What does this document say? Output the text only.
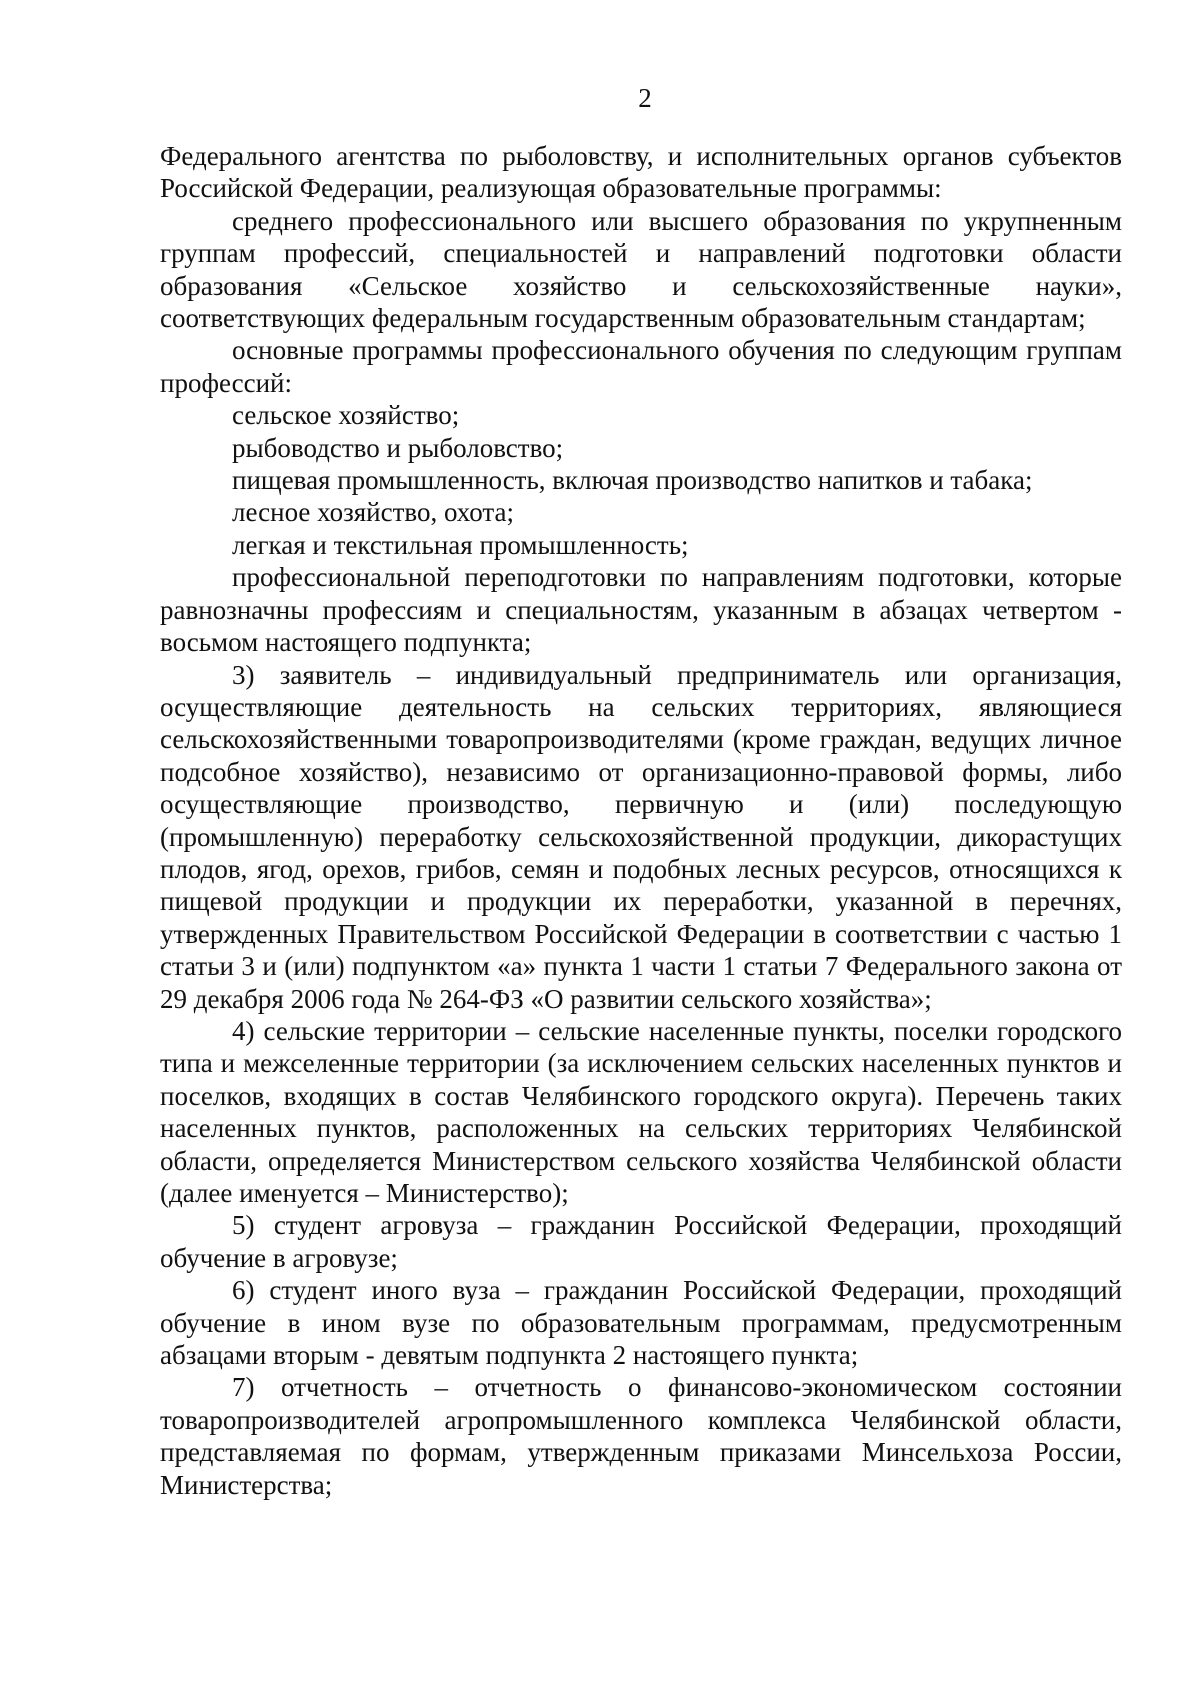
2

Федерального агентства по рыболовству, и исполнительных органов субъектов Российской Федерации, реализующая образовательные программы:

среднего профессионального или высшего образования по укрупненным группам профессий, специальностей и направлений подготовки области образования «Сельское хозяйство и сельскохозяйственные науки», соответствующих федеральным государственным образовательным стандартам;

основные программы профессионального обучения по следующим группам профессий:

сельское хозяйство;

рыбоводство и рыболовство;

пищевая промышленность, включая производство напитков и табака;

лесное хозяйство, охота;

легкая и текстильная промышленность;

профессиональной переподготовки по направлениям подготовки, которые равнозначны профессиям и специальностям, указанным в абзацах четвертом - восьмом настоящего подпункта;

3) заявитель – индивидуальный предприниматель или организация, осуществляющие деятельность на сельских территориях, являющиеся сельскохозяйственными товаропроизводителями (кроме граждан, ведущих личное подсобное хозяйство), независимо от организационно-правовой формы, либо осуществляющие производство, первичную и (или) последующую (промышленную) переработку сельскохозяйственной продукции, дикорастущих плодов, ягод, орехов, грибов, семян и подобных лесных ресурсов, относящихся к пищевой продукции и продукции их переработки, указанной в перечнях, утвержденных Правительством Российской Федерации в соответствии с частью 1 статьи 3 и (или) подпунктом «а» пункта 1 части 1 статьи 7 Федерального закона от 29 декабря 2006 года № 264-ФЗ «О развитии сельского хозяйства»;

4) сельские территории – сельские населенные пункты, поселки городского типа и межселенные территории (за исключением сельских населенных пунктов и поселков, входящих в состав Челябинского городского округа). Перечень таких населенных пунктов, расположенных на сельских территориях Челябинской области, определяется Министерством сельского хозяйства Челябинской области (далее именуется – Министерство);

5) студент агровуза – гражданин Российской Федерации, проходящий обучение в агровузе;

6) студент иного вуза – гражданин Российской Федерации, проходящий обучение в ином вузе по образовательным программам, предусмотренным абзацами вторым - девятым подпункта 2 настоящего пункта;

7) отчетность – отчетность о финансово-экономическом состоянии товаропроизводителей агропромышленного комплекса Челябинской области, представляемая по формам, утвержденным приказами Минсельхоза России, Министерства;
